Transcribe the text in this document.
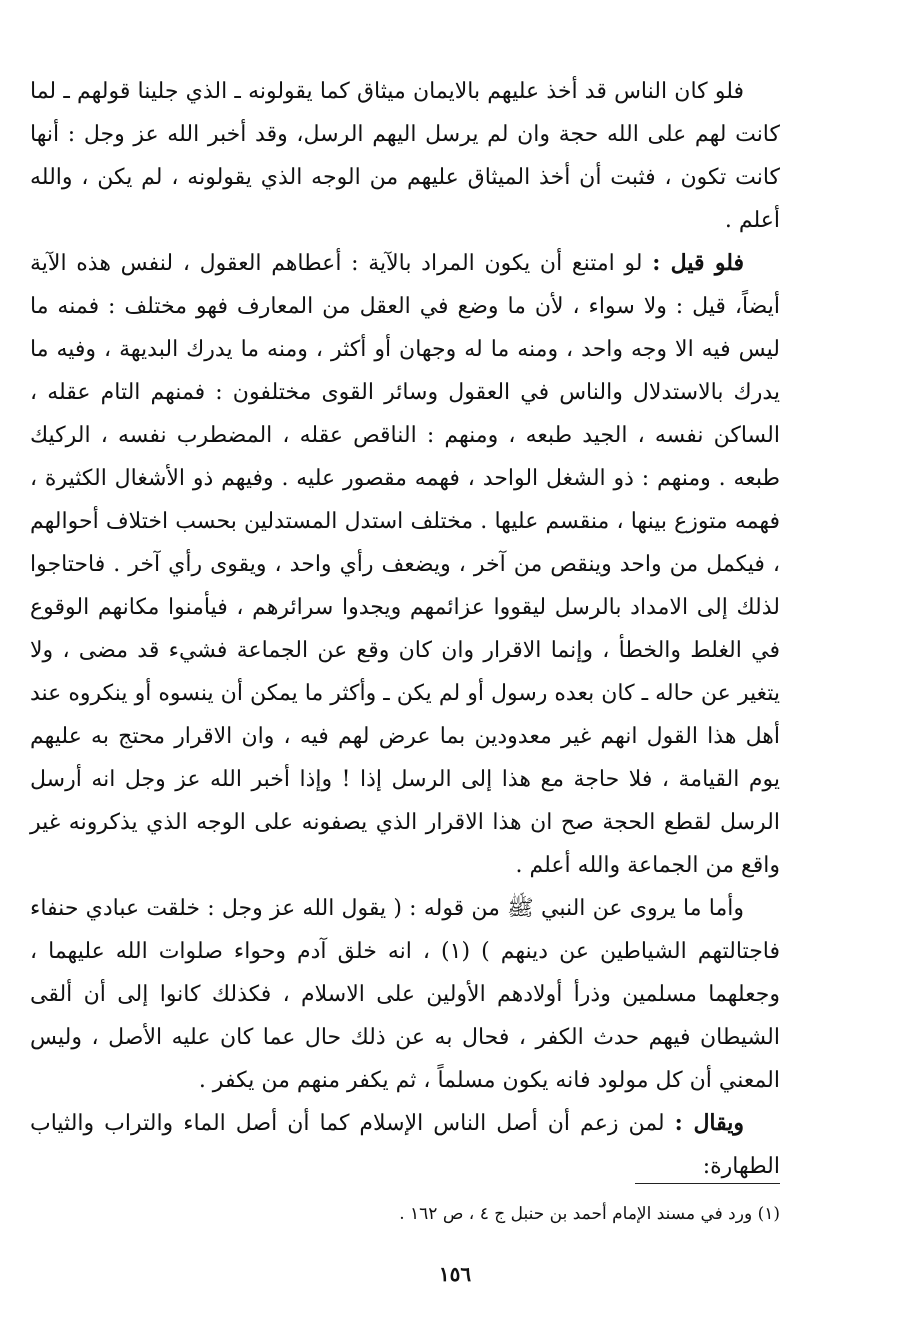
فلو كان الناس قد أخذ عليهم بالايمان ميثاق كما يقولونه ـ الذي جلينا قولهم ـ لما كانت لهم على الله حجة وان لم يرسل اليهم الرسل، وقد أخبر الله عز وجل : أنها كانت تكون ، فثبت أن أخذ الميثاق عليهم من الوجه الذي يقولونه ، لم يكن ، والله أعلم .

فلو قيل : لو امتنع أن يكون المراد بالآية : أعطاهم العقول ، لنفس هذه الآية أيضاً، قيل : ولا سواء ، لأن ما وضع في العقل من المعارف فهو مختلف : فمنه ما ليس فيه الا وجه واحد ، ومنه ما له وجهان أو أكثر ، ومنه ما يدرك البديهة ، وفيه ما يدرك بالاستدلال والناس في العقول وسائر القوى مختلفون : فمنهم التام عقله ، الساكن نفسه ، الجيد طبعه ، ومنهم : الناقص عقله ، المضطرب نفسه ، الركيك طبعه . ومنهم : ذو الشغل الواحد ، فهمه مقصور عليه . وفيهم ذو الأشغال الكثيرة ، فهمه متوزع بينها ، منقسم عليها . مختلف استدل المستدلين بحسب اختلاف أحوالهم ، فيكمل من واحد وينقص من آخر ، ويضعف رأي واحد ، ويقوى رأي آخر . فاحتاجوا لذلك إلى الامداد بالرسل ليقووا عزائمهم ويجدوا سرائرهم ، فيأمنوا مكانهم الوقوع في الغلط والخطأ ، وإنما الاقرار وان كان وقع عن الجماعة فشيء قد مضى ، ولا يتغير عن حاله ـ كان بعده رسول أو لم يكن ـ وأكثر ما يمكن أن ينسوه أو ينكروه عند أهل هذا القول انهم غير معدودين بما عرض لهم فيه ، وان الاقرار محتج به عليهم يوم القيامة ، فلا حاجة مع هذا إلى الرسل إذا ! وإذا أخبر الله عز وجل انه أرسل الرسل لقطع الحجة صح ان هذا الاقرار الذي يصفونه على الوجه الذي يذكرونه غير واقع من الجماعة والله أعلم .

وأما ما يروى عن النبي ﷺ من قوله : ( يقول الله عز وجل : خلقت عبادي حنفاء فاجتالتهم الشياطين عن دينهم ) (١) ، انه خلق آدم وحواء صلوات الله عليهما ، وجعلهما مسلمين وذرأ أولادهم الأولين على الاسلام ، فكذلك كانوا إلى أن ألقى الشيطان فيهم حدث الكفر ، فحال به عن ذلك حال عما كان عليه الأصل ، وليس المعني أن كل مولود فانه يكون مسلماً ، ثم يكفر منهم من يكفر .

ويقال : لمن زعم أن أصل الناس الإسلام كما أن أصل الماء والتراب والثياب الطهارة:

(١) ورد في مسند الإمام أحمد بن حنبل ج ٤ ، ص ١٦٢ .
١٥٦
